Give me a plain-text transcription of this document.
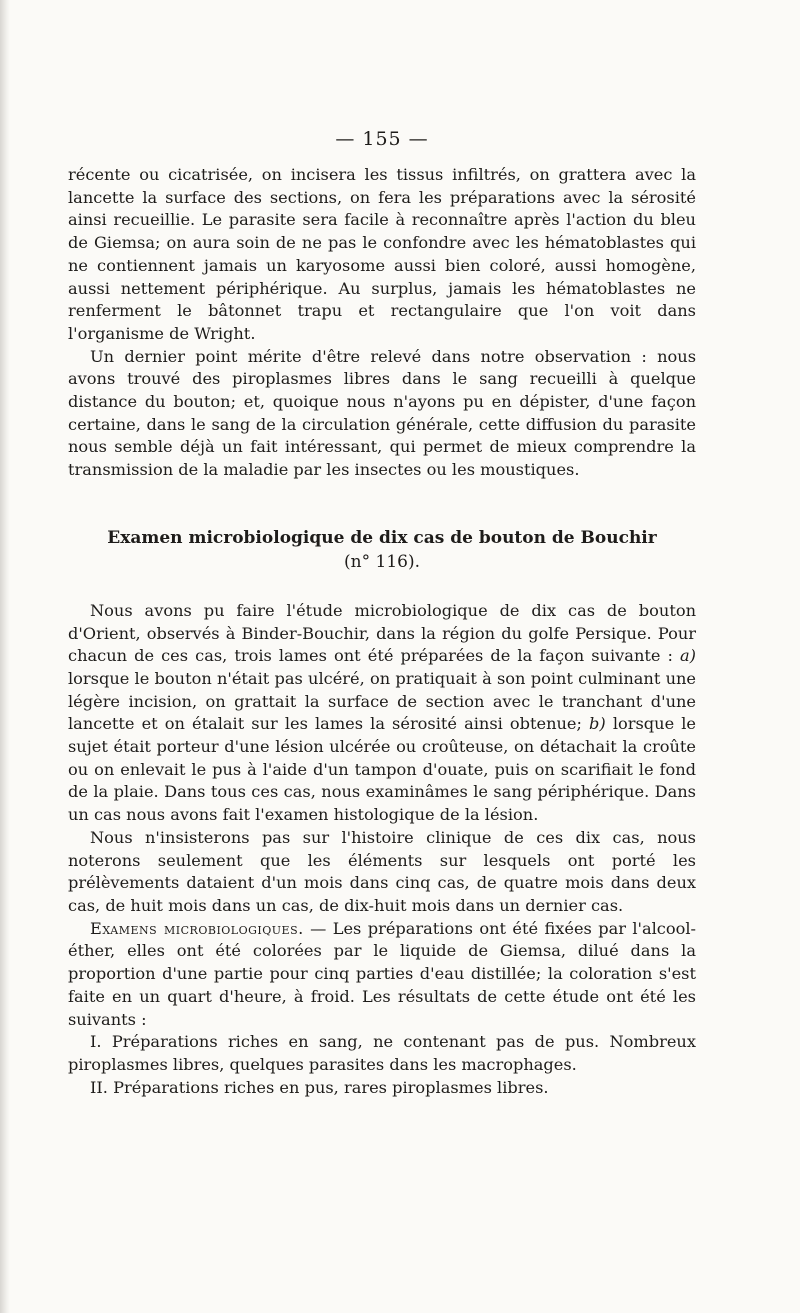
— 155 —

récente ou cicatrisée, on incisera les tissus infiltrés, on grattera avec la lancette la surface des sections, on fera les préparations avec la sérosité ainsi recueillie. Le parasite sera facile à reconnaître après l'action du bleu de Giemsa; on aura soin de ne pas le confondre avec les hématoblastes qui ne contiennent jamais un karyosome aussi bien coloré, aussi homogène, aussi nettement périphérique. Au surplus, jamais les hématoblastes ne renferment le bâtonnet trapu et rectangulaire que l'on voit dans l'organisme de Wright.

Un dernier point mérite d'être relevé dans notre observation : nous avons trouvé des piroplasmes libres dans le sang recueilli à quelque distance du bouton; et, quoique nous n'ayons pu en dépister, d'une façon certaine, dans le sang de la circulation générale, cette diffusion du parasite nous semble déjà un fait intéressant, qui permet de mieux comprendre la transmission de la maladie par les insectes ou les moustiques.

Examen microbiologique de dix cas de bouton de Bouchir
(n° 116).

Nous avons pu faire l'étude microbiologique de dix cas de bouton d'Orient, observés à Binder-Bouchir, dans la région du golfe Persique. Pour chacun de ces cas, trois lames ont été préparées de la façon suivante : a) lorsque le bouton n'était pas ulcéré, on pratiquait à son point culminant une légère incision, on grattait la surface de section avec le tranchant d'une lancette et on étalait sur les lames la sérosité ainsi obtenue; b) lorsque le sujet était porteur d'une lésion ulcérée ou croûteuse, on détachait la croûte ou on enlevait le pus à l'aide d'un tampon d'ouate, puis on scarifiait le fond de la plaie. Dans tous ces cas, nous examinâmes le sang périphérique. Dans un cas nous avons fait l'examen histologique de la lésion.

Nous n'insisterons pas sur l'histoire clinique de ces dix cas, nous noterons seulement que les éléments sur lesquels ont porté les prélèvements dataient d'un mois dans cinq cas, de quatre mois dans deux cas, de huit mois dans un cas, de dix-huit mois dans un dernier cas.

Examens microbiologiques. — Les préparations ont été fixées par l'alcool-éther, elles ont été colorées par le liquide de Giemsa, dilué dans la proportion d'une partie pour cinq parties d'eau distillée; la coloration s'est faite en un quart d'heure, à froid. Les résultats de cette étude ont été les suivants :

I. Préparations riches en sang, ne contenant pas de pus. Nombreux piroplasmes libres, quelques parasites dans les macrophages.

II. Préparations riches en pus, rares piroplasmes libres.
